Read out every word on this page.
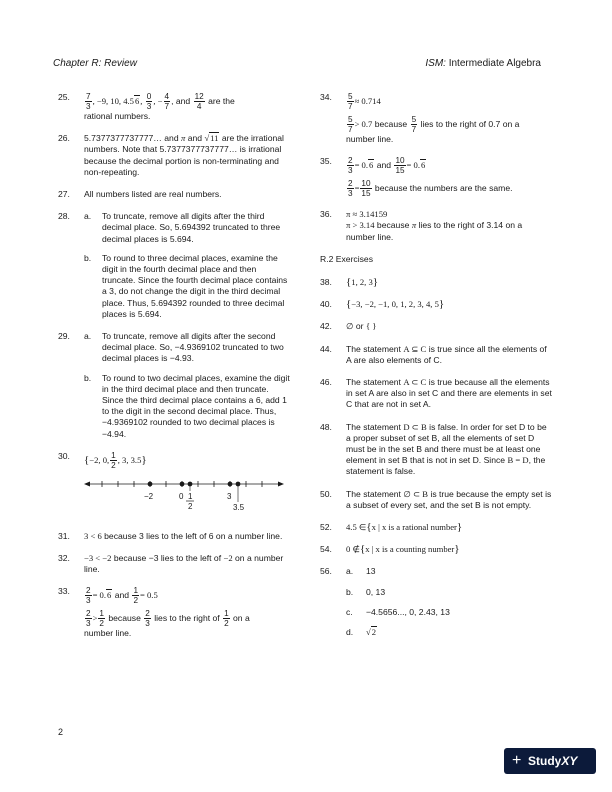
Chapter R: Review	ISM: Intermediate Algebra
25. $\frac{7}{3}$ , −9, 10, 4.56, $\frac{0}{3}$ , − $\frac{4}{7}$ , and $\frac{12}{4}$ are the
rational numbers.
26. 5.7377377737777… and π and √11 are the irrational numbers. Note that 5.7377377737777… is irrational because the decimal portion is non-terminating and non-repeating.
27. All numbers listed are real numbers.
28. a. To truncate, remove all digits after the third decimal place. So, 5.694392 truncated to three decimal places is 5.694.
b. To round to three decimal places, examine the digit in the fourth decimal place and then truncate. Since the fourth decimal place contains a 3, do not change the digit in the third decimal place. Thus, 5.694392 rounded to three decimal places is 5.694.
29. a. To truncate, remove all digits after the second decimal place. So, −4.9369102 truncated to two decimal places is −4.93.
b. To round to two decimal places, examine the digit in the third decimal place and then truncate. Since the third decimal place contains a 6, add 1 to the digit in the second decimal place. Thus, −4.9369102 rounded to two decimal places is −4.94.
30. {−2, 0, $\frac{1}{2}$ , 3, 3.5}
−2	0 1
2
3
3.5
31. 3 < 6 because 3 lies to the left of 6 on a number line.
32. −3 < −2 because −3 lies to the left of −2 on a number line.
33. $\frac{2}{3} = 0.6$ and $\frac{1}{2} = 0.5$

$\frac{2}{3} > \frac{1}{2}$ because $\frac{2}{3}$ lies to the right of $\frac{1}{2}$ on a
number line.
34. $\frac{5}{7} \approx 0.714$
$\frac{5}{7} > 0.7$ because $\frac{5}{7}$ lies to the right of 0.7 on a
number line.
35. $\frac{2}{3} = 0.6$ and $\frac{10}{15} = 0.6$
$\frac{2}{3} = \frac{10}{15}$ because the numbers are the same.
36. π ≈ 3.14159
π > 3.14 because π lies to the right of 3.14 on a number line.
R.2 Exercises
38. {1, 2, 3}
40. {−3, −2, −1, 0, 1, 2, 3, 4, 5}
42. ∅ or { }
44. The statement A ⊆ C is true since all the elements of A are also elements of C.
46. The statement A ⊂ C is true because all the elements in set A are also in set C and there are elements in set C that are not in set A.
48. The statement D ⊂ B is false. In order for set D to be a proper subset of set B, all the elements of set D must be in the set B and there must be at least one element in set B that is not in set D. Since B = D, the statement is false.
50. The statement ∅ ⊂ B is true because the empty set is a subset of every set, and the set B is not empty.
52. 4.5 ∈{x | x is a rational number}
54. 0 ∉{x | x is a counting number}
56. a. 13
b. 0, 13
c. −4.5656..., 0, 2.43, 13
d. √2
2
+ StudyXY
